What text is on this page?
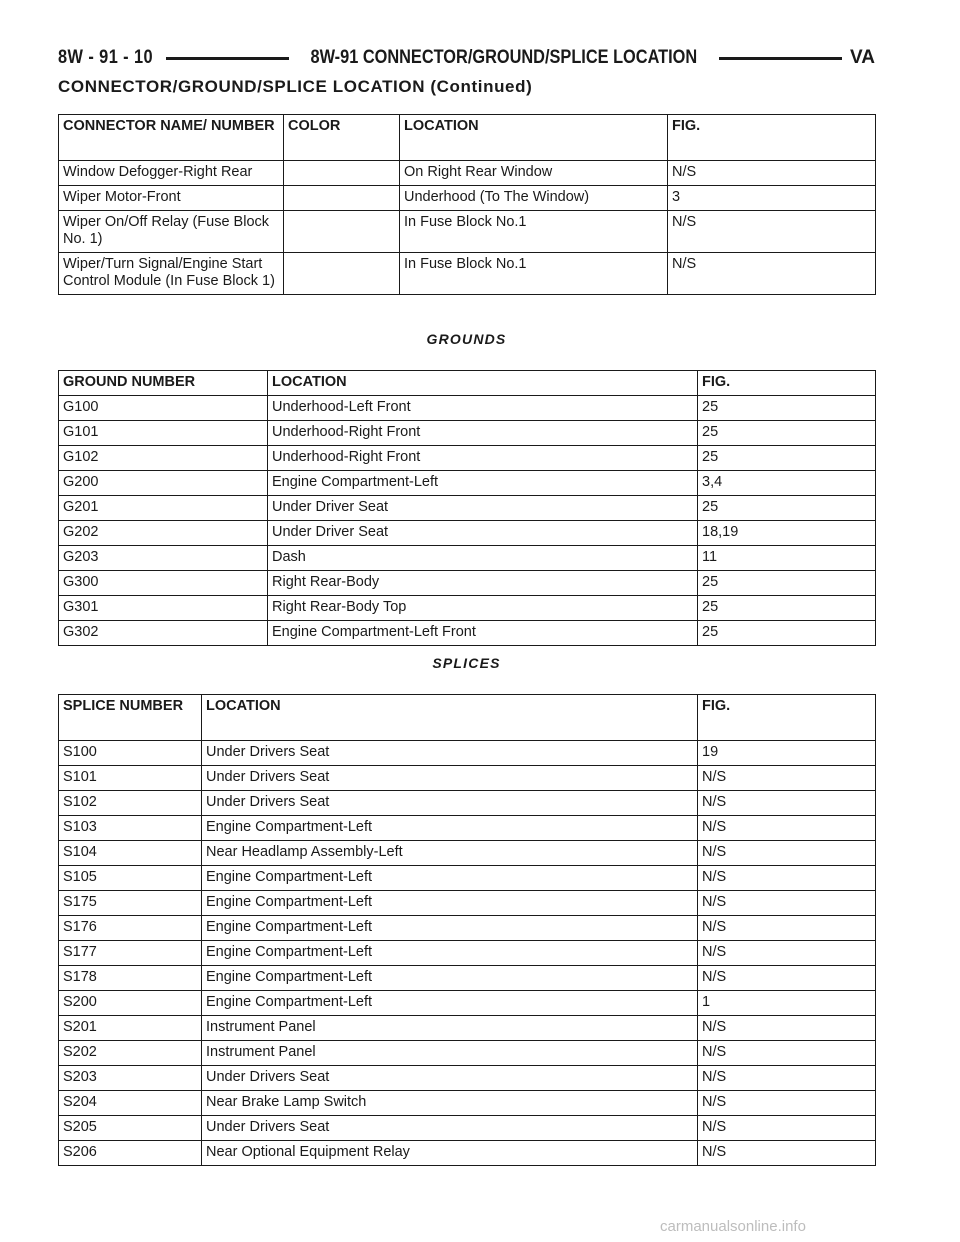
8W - 91 - 10	8W-91 CONNECTOR/GROUND/SPLICE LOCATION	VA
CONNECTOR/GROUND/SPLICE LOCATION (Continued)
CONNECTOR NAME/ NUMBER	COLOR	LOCATION	FIG.
Window Defogger-Right Rear		On Right Rear Window	N/S
Wiper Motor-Front		Underhood (To The Window)	3
Wiper On/Off Relay (Fuse Block No. 1)		In Fuse Block No.1	N/S
Wiper/Turn Signal/Engine Start Control Module (In Fuse Block 1)		In Fuse Block No.1	N/S
GROUNDS
GROUND NUMBER	LOCATION	FIG.
G100	Underhood-Left Front	25
G101	Underhood-Right Front	25
G102	Underhood-Right Front	25
G200	Engine Compartment-Left	3,4
G201	Under Driver Seat	25
G202	Under Driver Seat	18,19
G203	Dash	11
G300	Right Rear-Body	25
G301	Right Rear-Body Top	25
G302	Engine Compartment-Left Front	25
SPLICES
SPLICE NUMBER	LOCATION	FIG.
S100	Under Drivers Seat	19
S101	Under Drivers Seat	N/S
S102	Under Drivers Seat	N/S
S103	Engine Compartment-Left	N/S
S104	Near Headlamp Assembly-Left	N/S
S105	Engine Compartment-Left	N/S
S175	Engine Compartment-Left	N/S
S176	Engine Compartment-Left	N/S
S177	Engine Compartment-Left	N/S
S178	Engine Compartment-Left	N/S
S200	Engine Compartment-Left	1
S201	Instrument Panel	N/S
S202	Instrument Panel	N/S
S203	Under Drivers Seat	N/S
S204	Near Brake Lamp Switch	N/S
S205	Under Drivers Seat	N/S
S206	Near Optional Equipment Relay	N/S
carmanualsonline.info
